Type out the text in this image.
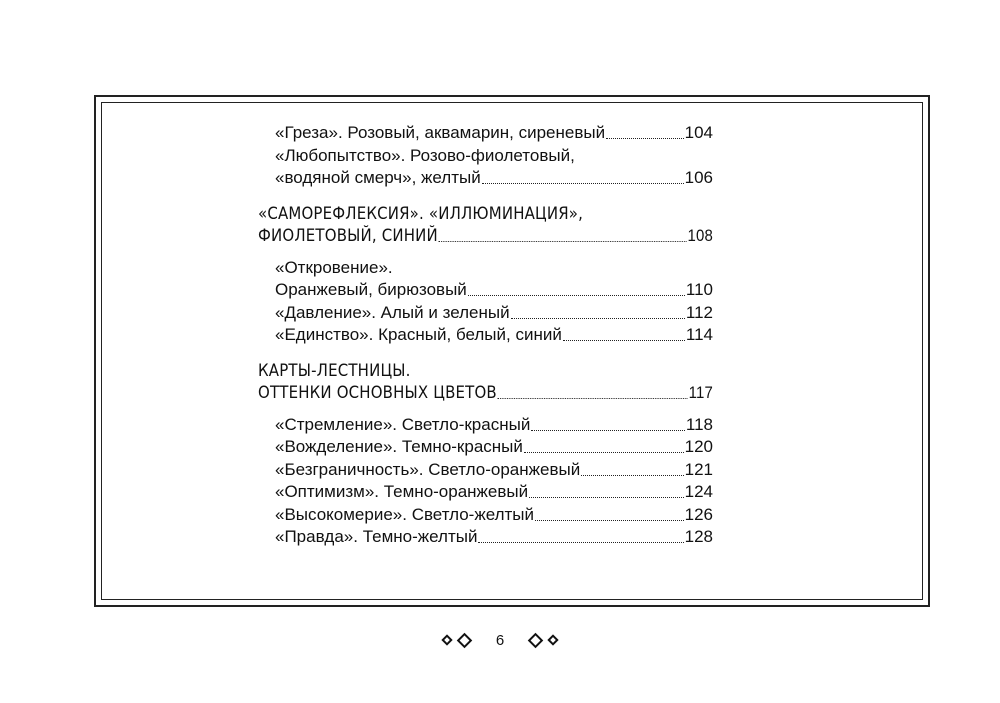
«Греза». Розовый, аквамарин, сиреневый	104
«Любопытство». Розово-фиолетовый,
«водяной смерч», желтый	106
«САМОРЕФЛЕКСИЯ». «ИЛЛЮМИНАЦИЯ»,
ФИОЛЕТОВЫЙ, СИНИЙ	108
«Откровение».
Оранжевый, бирюзовый	110
«Давление». Алый и зеленый	112
«Единство». Красный, белый, синий	114
КАРТЫ-ЛЕСТНИЦЫ.
ОТТЕНКИ ОСНОВНЫХ ЦВЕТОВ	117
«Стремление». Светло-красный	118
«Вожделение». Темно-красный	120
«Безграничность». Светло-оранжевый	121
«Оптимизм». Темно-оранжевый	124
«Высокомерие». Светло-желтый	126
«Правда». Темно-желтый	128
6
